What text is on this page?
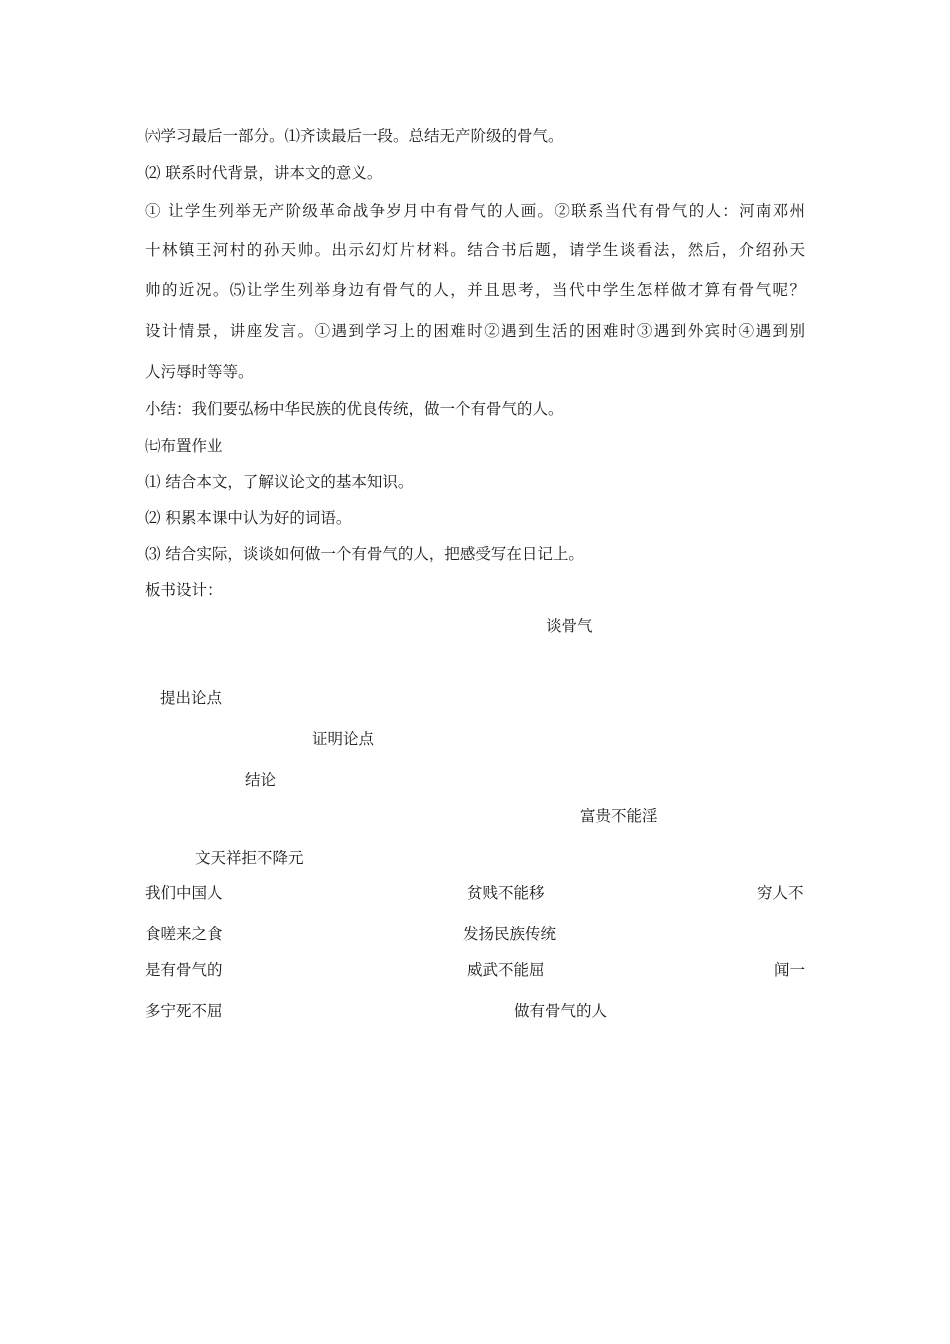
㈥学习最后一部分。⑴齐读最后一段。总结无产阶级的骨气。
⑵ 联系时代背景，讲本文的意义。
① 让学生列举无产阶级革命战争岁月中有骨气的人画。②联系当代有骨气的人：河南邓州
十林镇王河村的孙天帅。出示幻灯片材料。结合书后题，请学生谈看法，然后，介绍孙天
帅的近况。⑸让学生列举身边有骨气的人，并且思考，当代中学生怎样做才算有骨气呢？
设计情景，讲座发言。①遇到学习上的困难时②遇到生活的困难时③遇到外宾时④遇到别
人污辱时等等。
小结：我们要弘杨中华民族的优良传统，做一个有骨气的人。
㈦布置作业
⑴ 结合本文，了解议论文的基本知识。
⑵ 积累本课中认为好的词语。
⑶ 结合实际，谈谈如何做一个有骨气的人，把感受写在日记上。
板书设计：
谈骨气
提出论点
证明论点
结论
富贵不能淫
文天祥拒不降元
我们中国人	贫贱不能移	穷人不
食嗟来之食	发扬民族传统
是有骨气的	威武不能屈	闻一
多宁死不屈	做有骨气的人
